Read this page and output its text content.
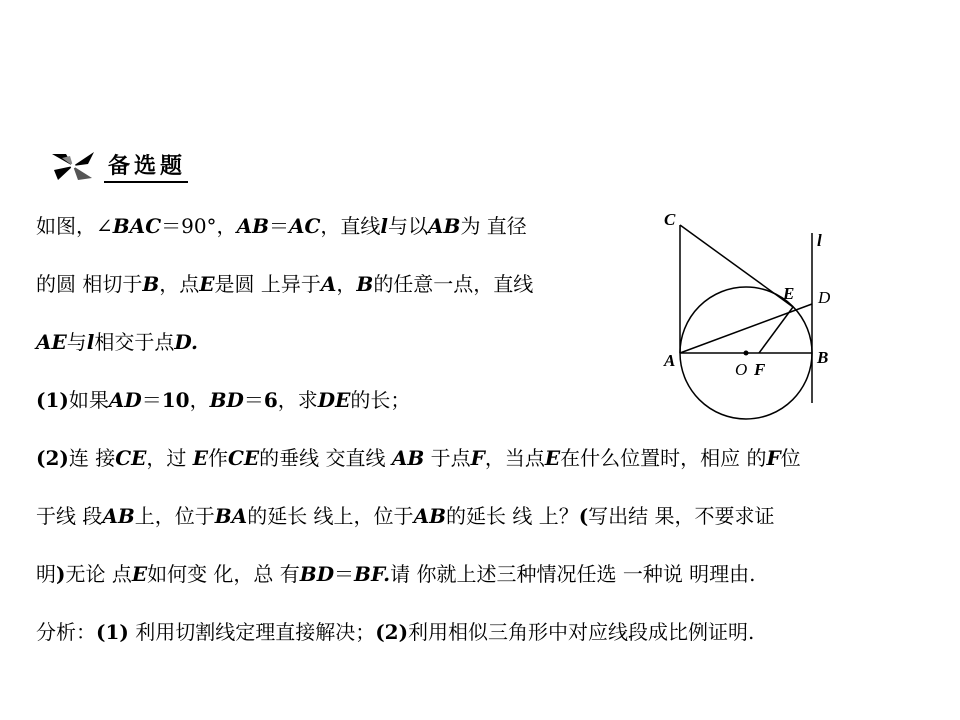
备选题
如图，∠BAC＝90°，AB＝AC，直线l与以AB为 直径
的圆 相切于B，点E是圆 上异于A，B的任意一点，直线
AE与l相交于点D.
(1)如果AD＝10，BD＝6，求DE的长；
(2)连 接CE，过 E作CE的垂线 交直线 AB 于点F，当点E在什么位置时，相应 的F位
于线 段AB上，位于BA的延长 线上，位于AB的延长 线 上？(写出结 果，不要求证
明)无论 点E如何变 化，总 有BD＝BF.请 你就上述三种情况任选 一种说 明理由.
分析：(1) 利用切割线定理直接解决；(2)利用相似三角形中对应线段成比例证明.
C
l
E D
A	O F
B
